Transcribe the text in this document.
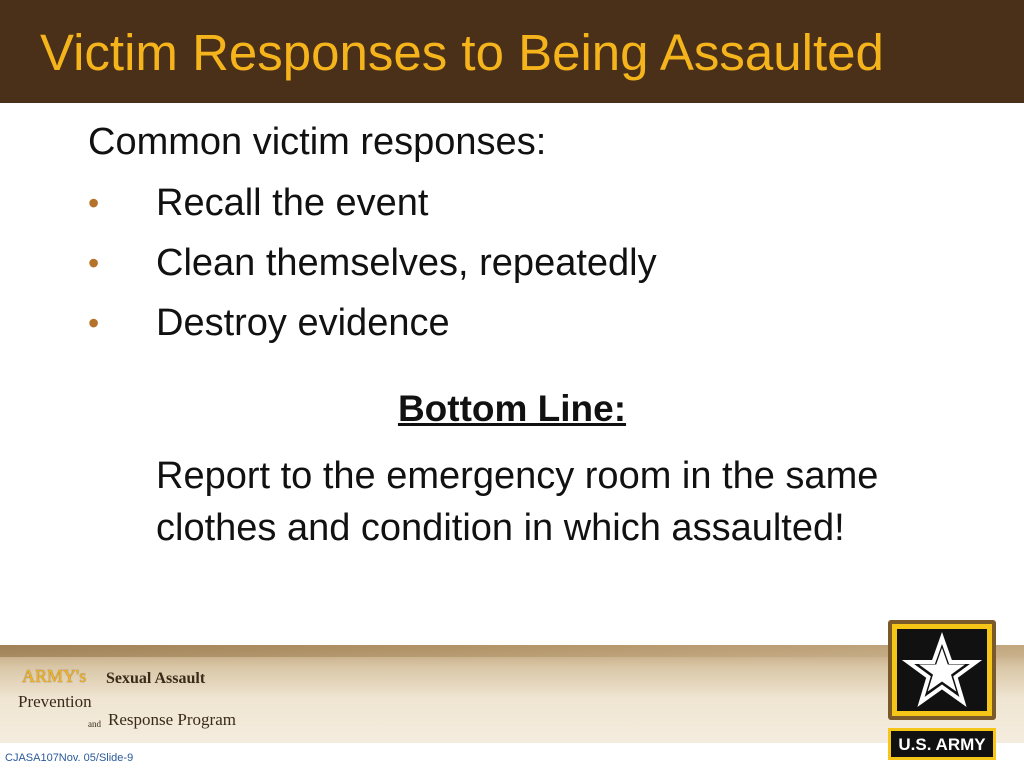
Victim Responses to Being Assaulted
Common victim responses:
• Recall the event
• Clean themselves, repeatedly
• Destroy evidence
Bottom Line:
Report to the emergency room in the same clothes and condition in which assaulted!
ARMY's Sexual Assault
Prevention
and Response Program
CJASA107Nov. 05/Slide-9
U.S. ARMY
